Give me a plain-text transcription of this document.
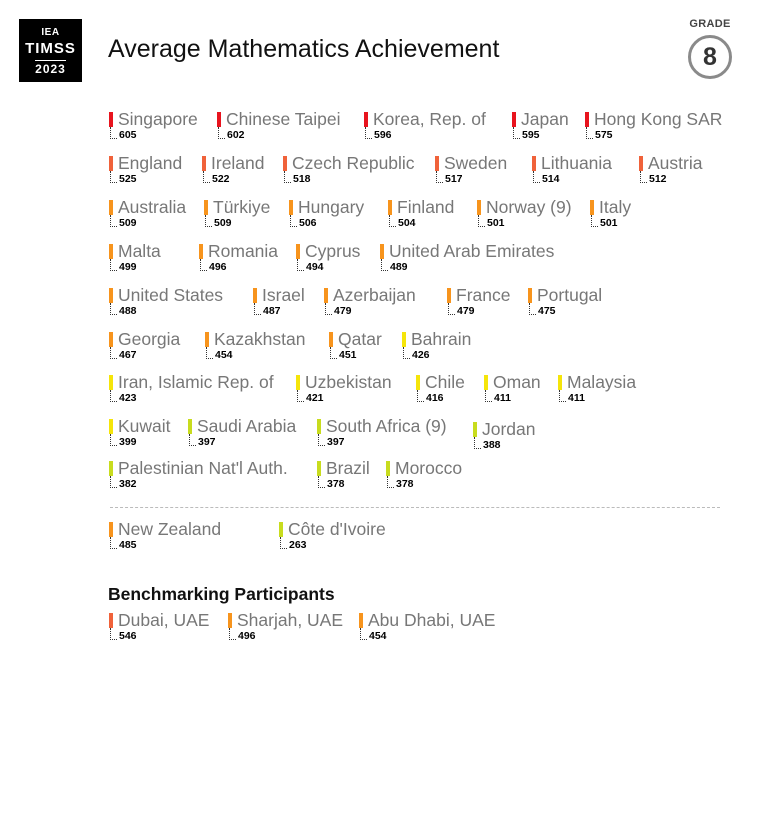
IEA
TIMSS
2023
Average Mathematics Achievement
GRADE
8
Benchmarking Participants
Singapore
605
Chinese Taipei
602
Korea, Rep. of
596
Japan
595
Hong Kong SAR
575
England
525
Ireland
522
Czech Republic
518
Sweden
517
Lithuania
514
Austria
512
Australia
509
Türkiye
509
Hungary
506
Finland
504
Norway (9)
501
Italy
501
Malta
499
Romania
496
Cyprus
494
United Arab Emirates
489
United States
488
Israel
487
Azerbaijan
479
France
479
Portugal
475
Georgia
467
Kazakhstan
454
Qatar
451
Bahrain
426
Iran, Islamic Rep. of
423
Uzbekistan
421
Chile
416
Oman
411
Malaysia
411
Kuwait
399
Saudi Arabia
397
South Africa (9)
397
Jordan
388
Palestinian Nat'l Auth.
382
Brazil
378
Morocco
378
New Zealand
485
Côte d'Ivoire
263
Dubai, UAE
546
Sharjah, UAE
496
Abu Dhabi, UAE
454
